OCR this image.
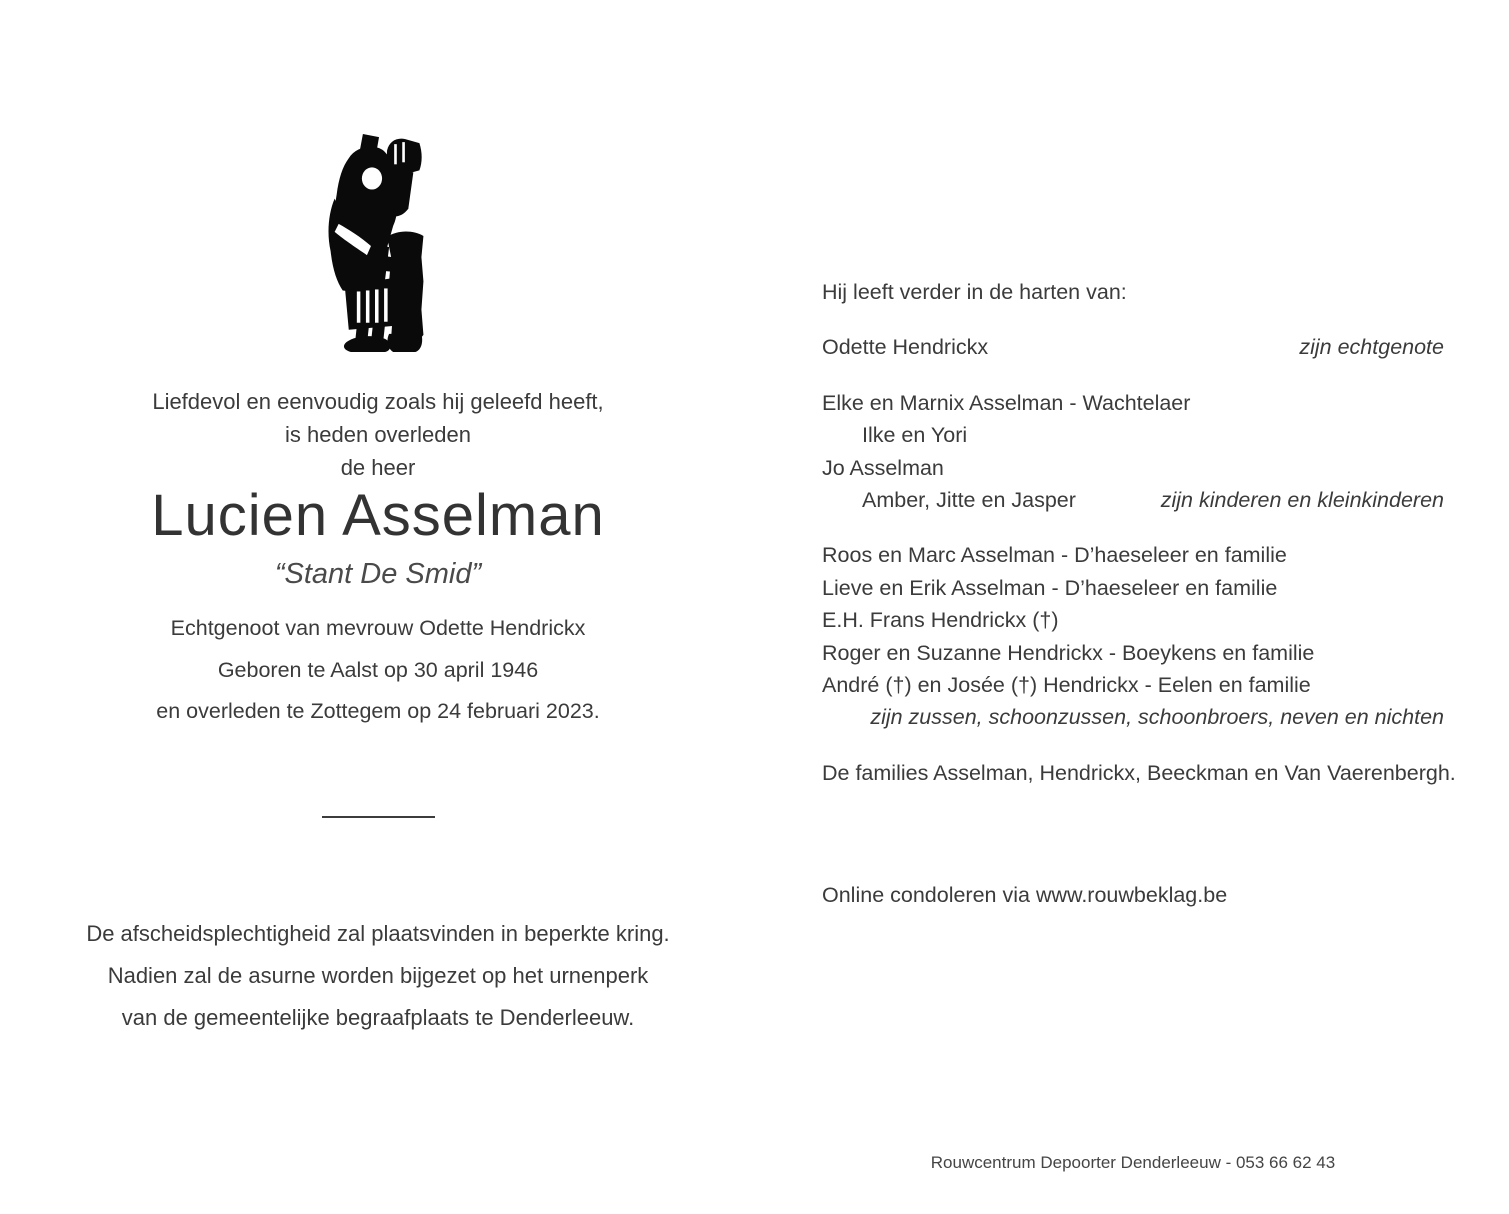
Liefdevol en eenvoudig zoals hij geleefd heeft,
is heden overleden
de heer
Lucien Asselman
“Stant De Smid”
Echtgenoot van mevrouw Odette Hendrickx
Geboren te Aalst op 30 april 1946
en overleden te Zottegem op 24 februari 2023.
De afscheidsplechtigheid zal plaatsvinden in beperkte kring.
Nadien zal de asurne worden bijgezet op het urnenperk
van de gemeentelijke begraafplaats te Denderleeuw.
Hij leeft verder in de harten van:
Odette Hendrickx	zijn echtgenote
Elke en Marnix Asselman - Wachtelaer
Ilke en Yori
Jo Asselman
Amber, Jitte en Jasper	zijn kinderen en kleinkinderen
Roos en Marc Asselman - D’haeseleer en familie
Lieve en Erik Asselman - D’haeseleer en familie
E.H. Frans Hendrickx (†)
Roger en Suzanne Hendrickx - Boeykens en familie
André (†) en Josée (†) Hendrickx - Eelen en familie
zijn zussen, schoonzussen, schoonbroers, neven en nichten
De families Asselman, Hendrickx, Beeckman en Van Vaerenbergh.
Online condoleren via www.rouwbeklag.be
Rouwcentrum Depoorter Denderleeuw - 053 66 62 43
